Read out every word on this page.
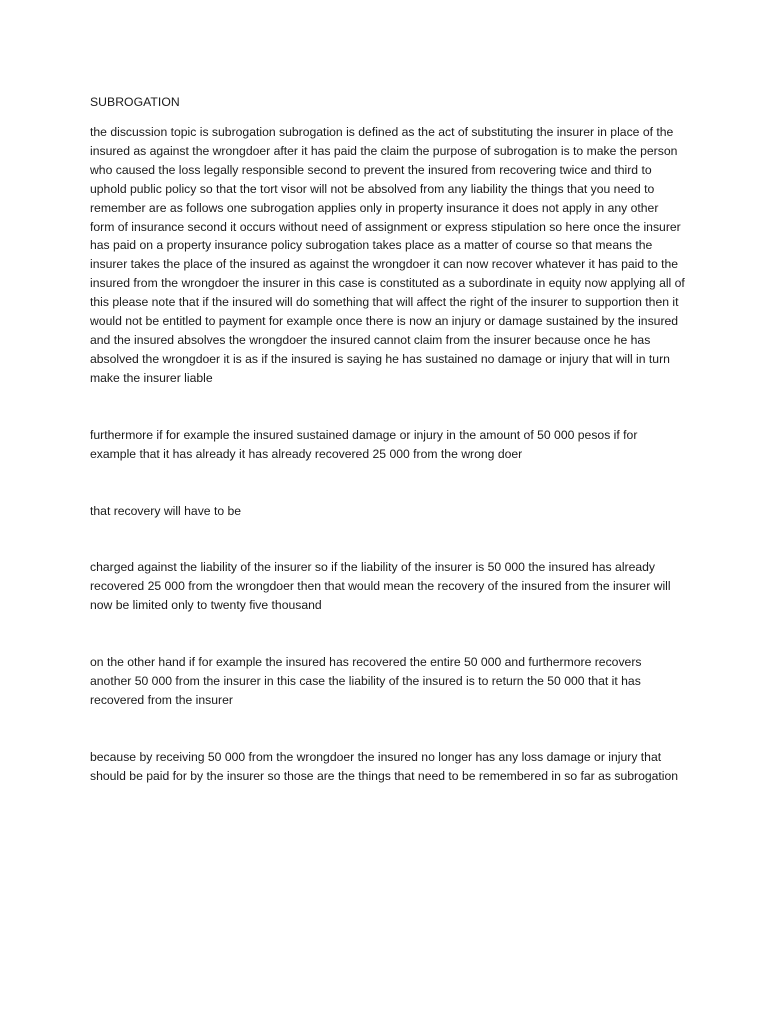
SUBROGATION

the discussion topic is subrogation subrogation is defined as the act of substituting the insurer in place of the insured as against the wrongdoer after it has paid the claim the purpose of subrogation is to make the person who caused the loss legally responsible second to prevent the insured from recovering twice and third to uphold public policy so that the tort visor will not be absolved from any liability the things that you need to remember are as follows one subrogation applies only in property insurance it does not apply in any other form of insurance second it occurs without need of assignment or express stipulation so here once the insurer has paid on a property insurance policy subrogation takes place as a matter of course so that means the insurer takes the place of the insured as against the wrongdoer it can now recover whatever it has paid to the insured from the wrongdoer the insurer in this case is constituted as a subordinate in equity now applying all of this please note that if the insured will do something that will affect the right of the insurer to supportion then it would not be entitled to payment for example once there is now an injury or damage sustained by the insured and the insured absolves the wrongdoer the insured cannot claim from the insurer because once he has absolved the wrongdoer it is as if the insured is saying he has sustained no damage or injury that will in turn make the insurer liable

furthermore if for example the insured sustained damage or injury in the amount of 50 000 pesos if for example that it has already it has already recovered 25 000 from the wrong doer

that recovery will have to be

charged against the liability of the insurer so if the liability of the insurer is 50 000 the insured has already recovered 25 000 from the wrongdoer then that would mean the recovery of the insured from the insurer will now be limited only to twenty five thousand

on the other hand if for example the insured has recovered the entire 50 000 and furthermore recovers another 50 000 from the insurer in this case the liability of the insured is to return the 50 000 that it has recovered from the insurer

because by receiving 50 000 from the wrongdoer the insured no longer has any loss damage or injury that should be paid for by the insurer so those are the things that need to be remembered in so far as subrogation
